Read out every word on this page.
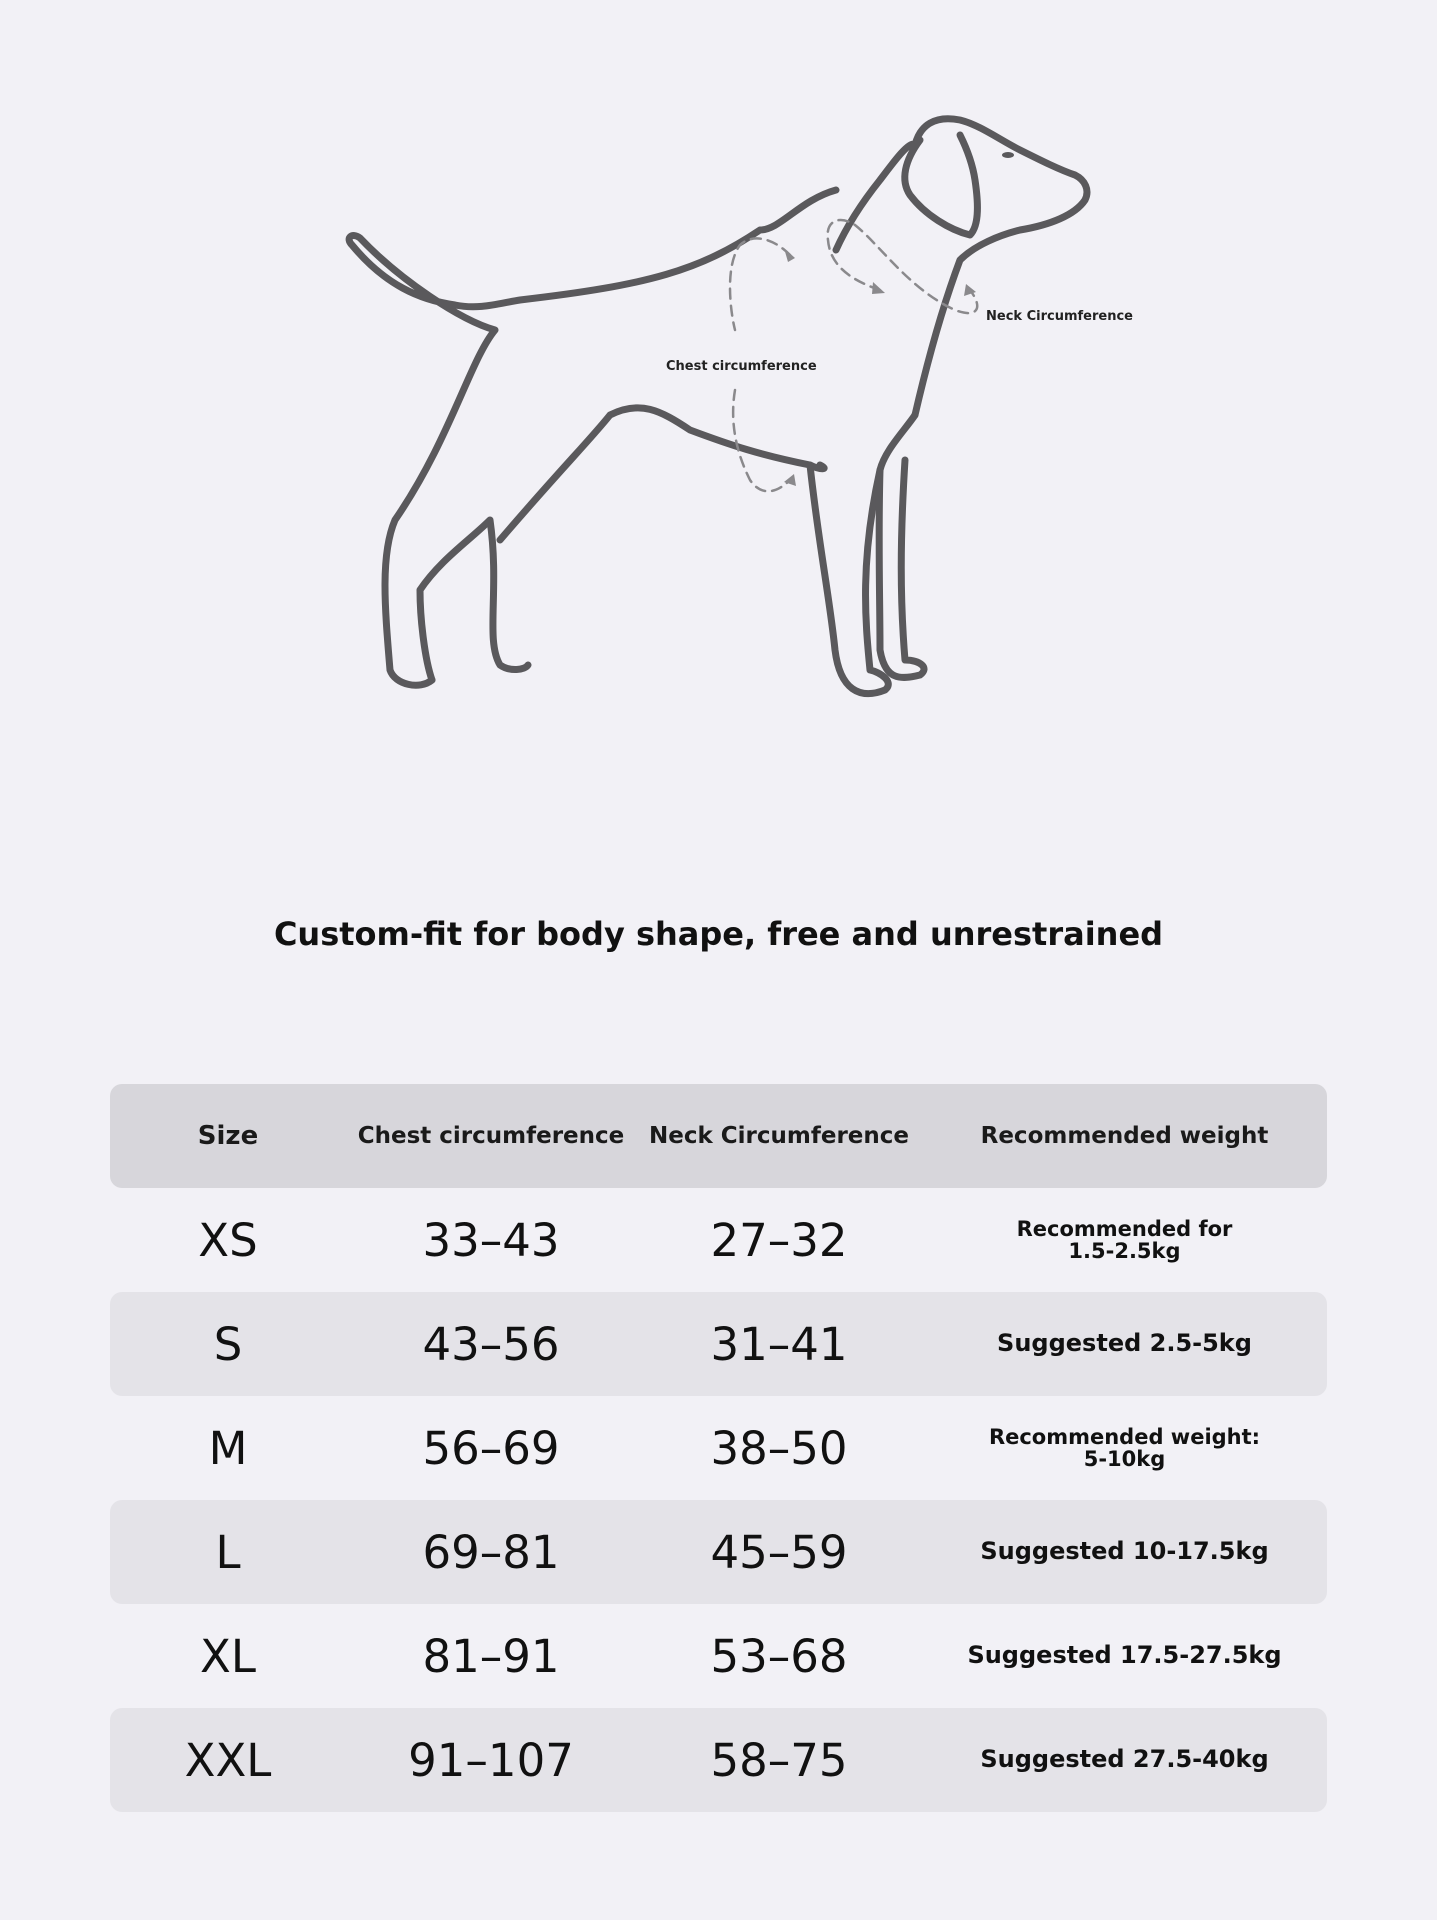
Chest circumference
Neck Circumference
Custom-fit for body shape, free and unrestrained
Size	Chest circumference	Neck Circumference	Recommended weight
XS	33–43	27–32	Recommended for
1.5-2.5kg
S	43–56	31–41	Suggested 2.5-5kg
M	56–69	38–50	Recommended weight:
5-10kg
L	69–81	45–59	Suggested 10-17.5kg
XL	81–91	53–68	Suggested 17.5-27.5kg
XXL	91–107	58–75	Suggested 27.5-40kg
